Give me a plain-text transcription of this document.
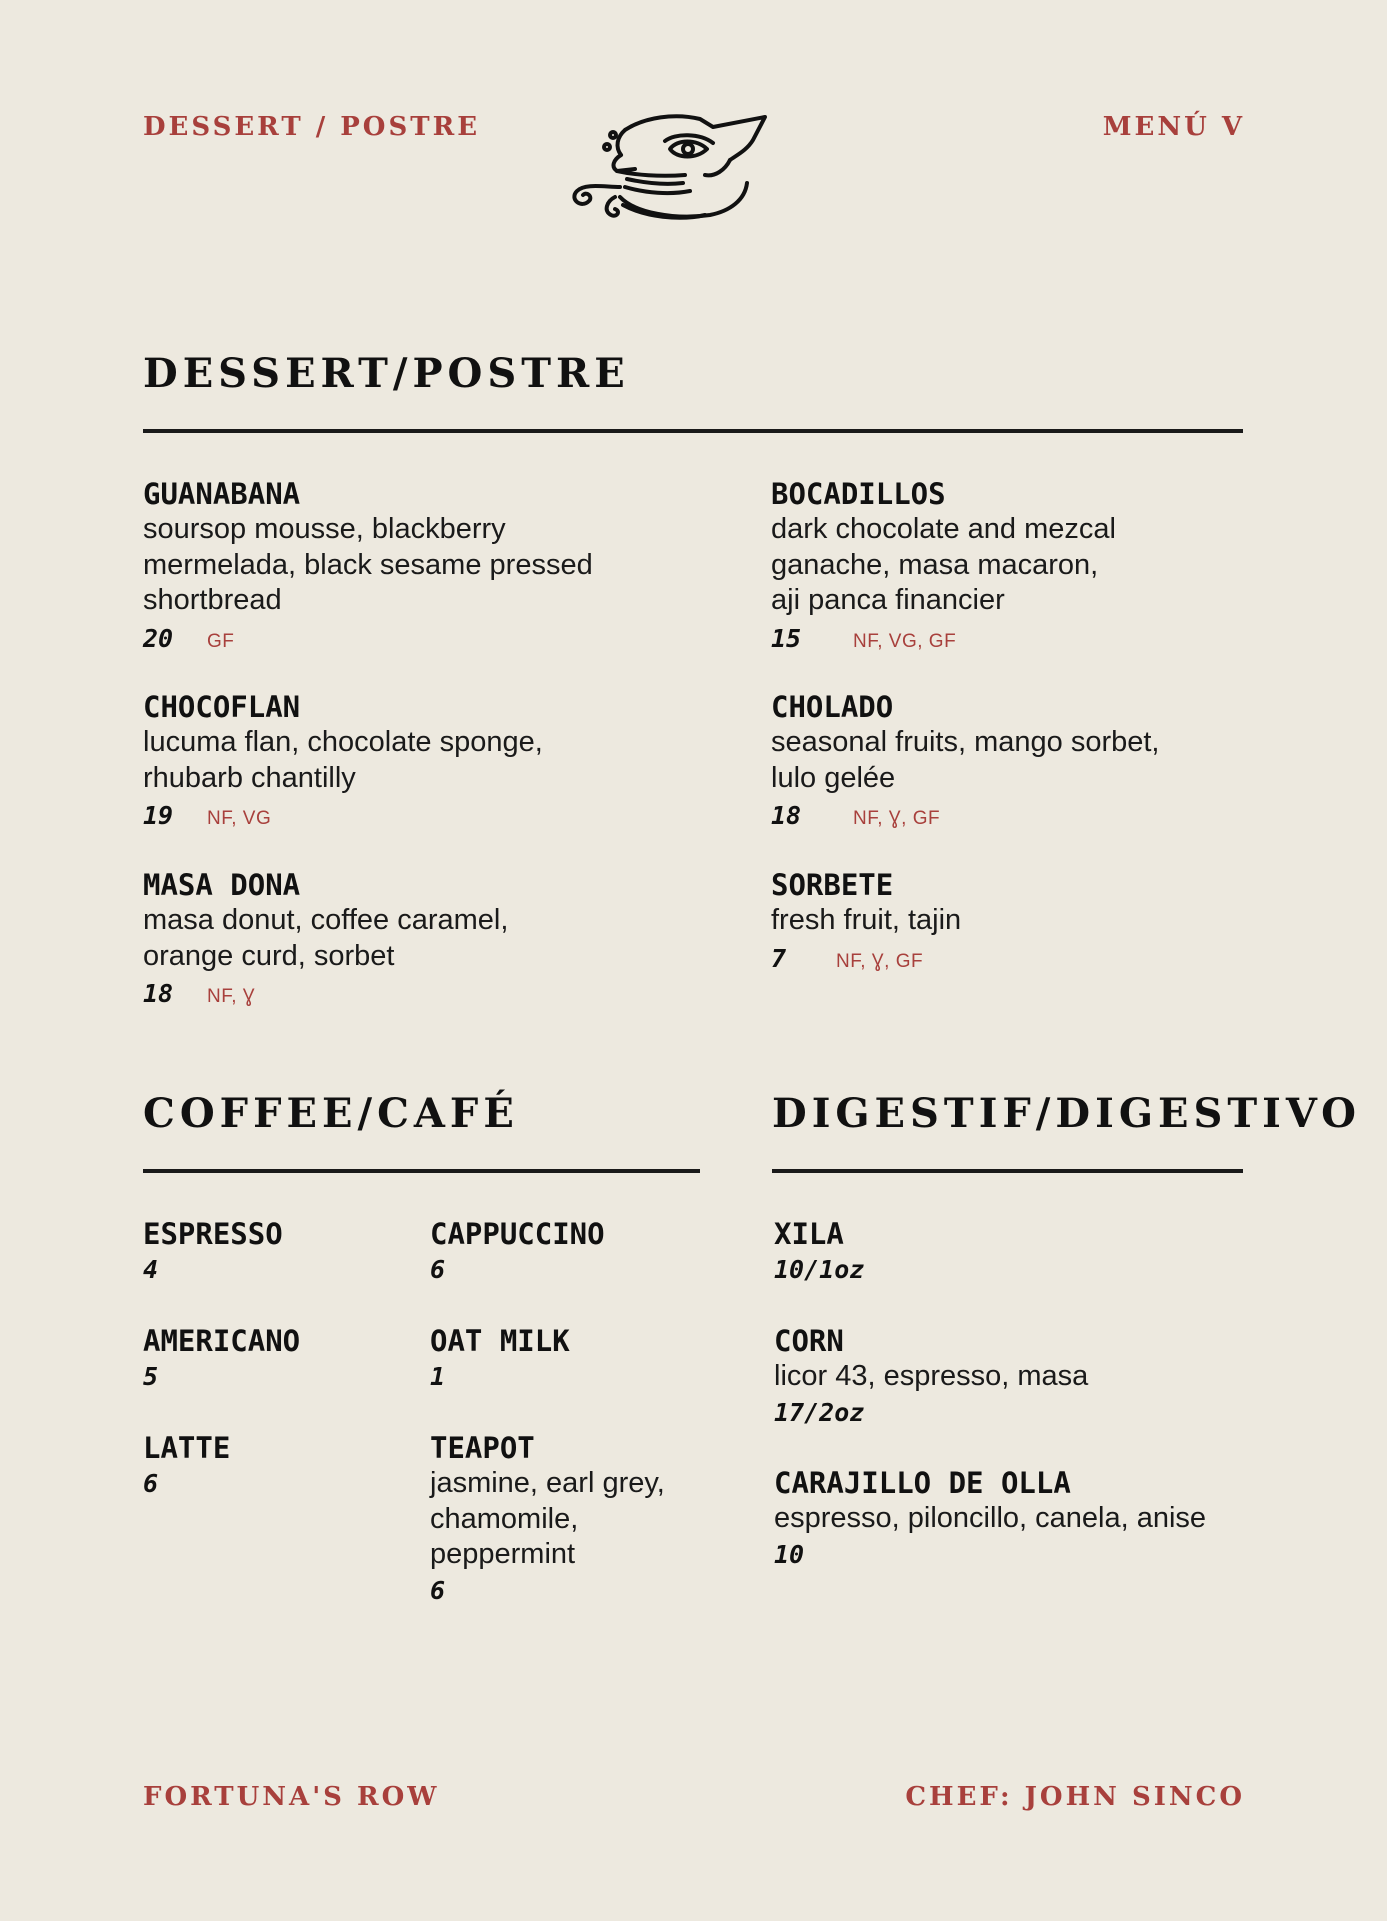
DESSERT / POSTRE	MENÚ V
DESSERT/POSTRE
GUANABANA
soursop mousse, blackberry
mermelada, black sesame pressed
shortbread
20	GF
BOCADILLOS
dark chocolate and mezcal
ganache, masa macaron,
aji panca financier
15	NF, VG, GF
CHOCOFLAN
lucuma flan, chocolate sponge,
rhubarb chantilly
19	NF, VG
CHOLADO
seasonal fruits, mango sorbet,
lulo gelée
18	NF, Ɣ, GF
MASA DONA
masa donut, coffee caramel,
orange curd, sorbet
18	NF, Ɣ
SORBETE
fresh fruit, tajin
7	NF, Ɣ, GF
COFFEE/CAFÉ
ESPRESSO
4
CAPPUCCINO
6
AMERICANO
5
OAT MILK
1
LATTE
6
TEAPOT
jasmine, earl grey,
chamomile,
peppermint
6
DIGESTIF/DIGESTIVO
XILA
10/1oz
CORN
licor 43, espresso, masa
17/2oz
CARAJILLO DE OLLA
espresso, piloncillo, canela, anise
10
FORTUNA'S ROW	CHEF: JOHN SINCO
